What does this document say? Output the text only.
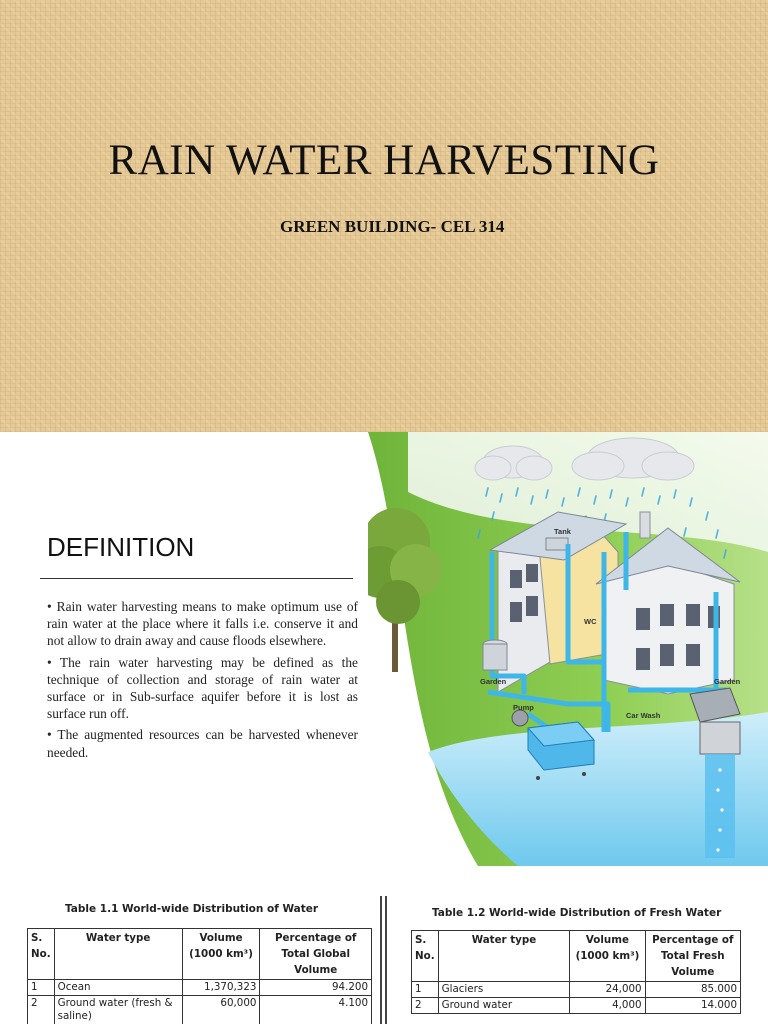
RAIN WATER HARVESTING
GREEN BUILDING- CEL 314
DEFINITION

• Rain water harvesting means to make optimum use of rain water at the place where it falls i.e. conserve it and not allow to drain away and cause floods elsewhere.

• The rain water harvesting may be defined as the technique of collection and storage of rain water at surface or in Sub-surface aquifer before it is lost as surface run off.

• The augmented resources can be harvested whenever needed.

Tank
WC
Garden	Garden
Pump
Car Wash
Table 1.1 World-wide Distribution of Water
S. No.	Water type	Volume (1000 km³)	Percentage of Total Global Volume
1	Ocean	1,370,323	94.200
2	Ground water (fresh & saline)	60,000	4.100
Table 1.2 World-wide Distribution of Fresh Water
S. No.	Water type	Volume (1000 km³)	Percentage of Total Fresh Volume
1	Glaciers	24,000	85.000
2	Ground water	4,000	14.000
